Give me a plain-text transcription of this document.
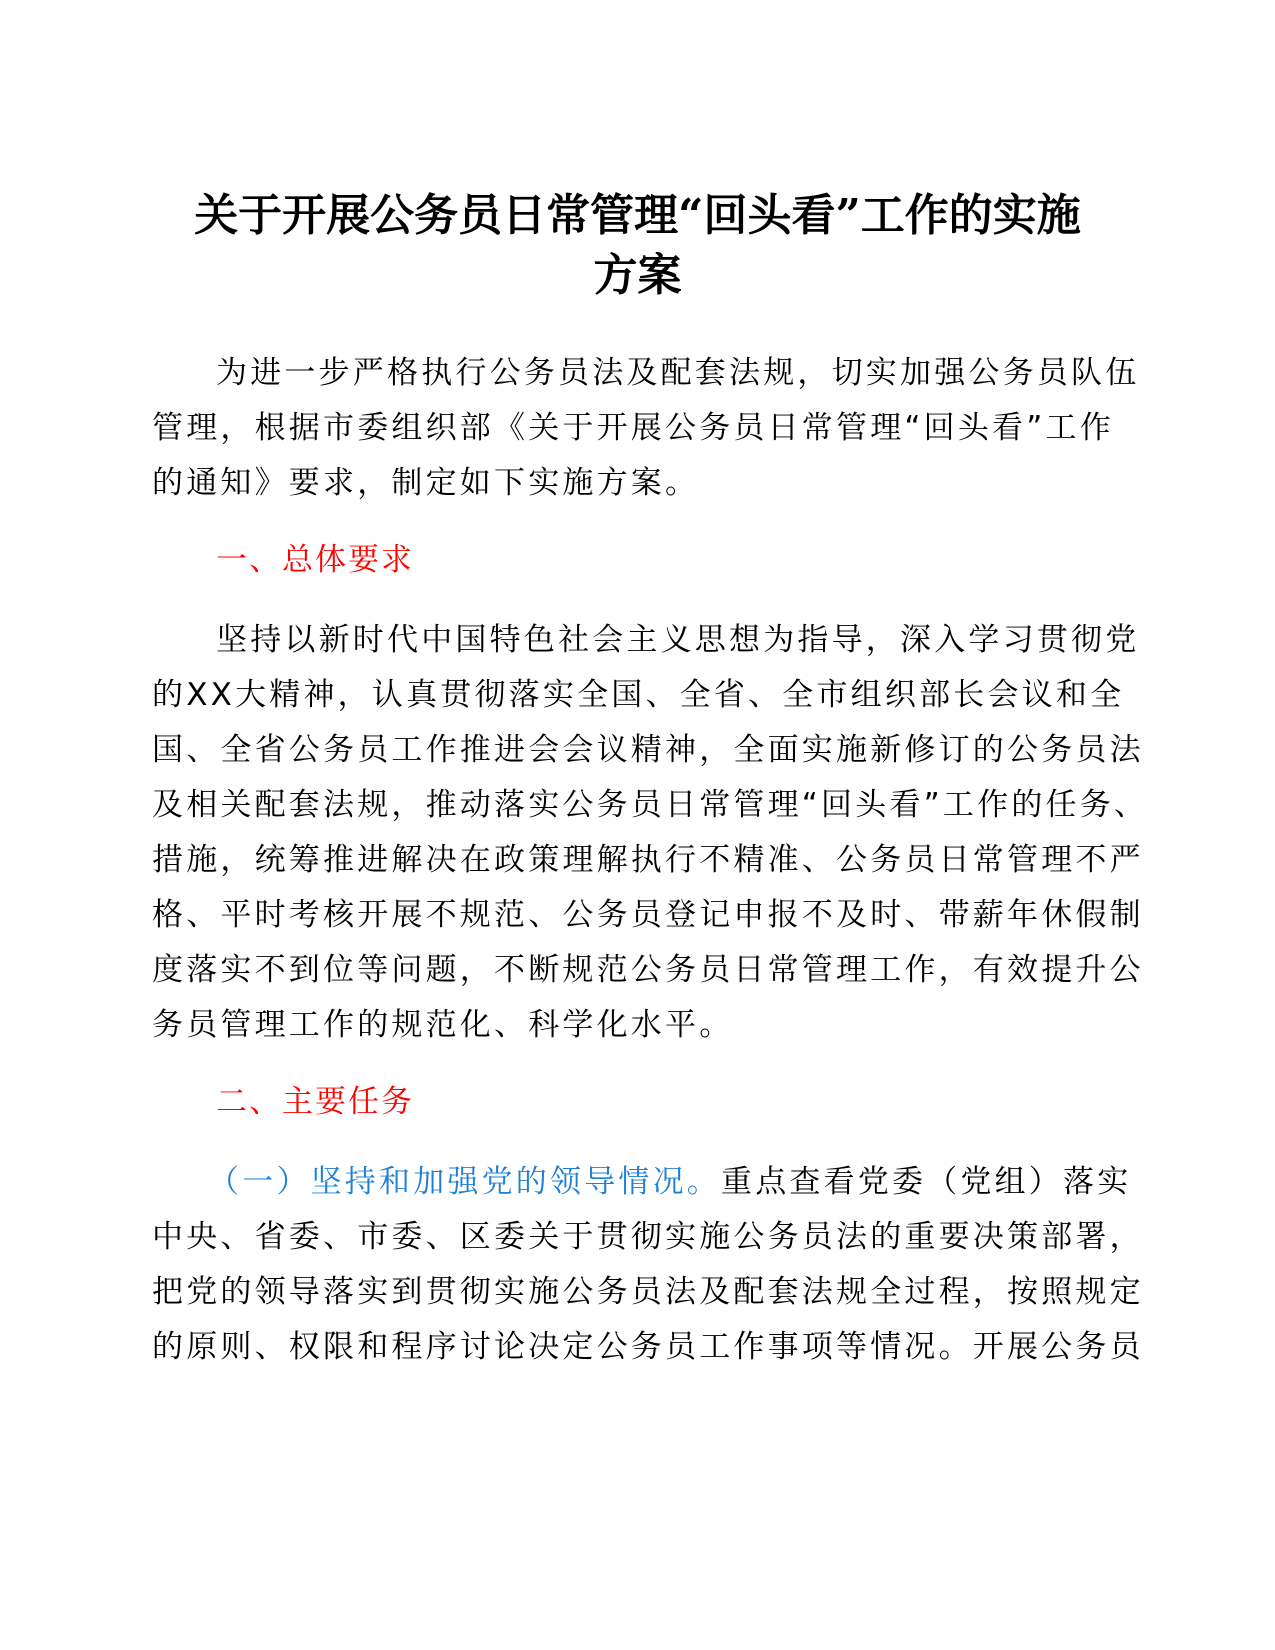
关于开展公务员日常管理“回头看”工作的实施
方案

为进一步严格执行公务员法及配套法规，切实加强公务员队伍

管理，根据市委组织部《关于开展公务员日常管理“回头看”工作

的通知》要求，制定如下实施方案。

一、总体要求

坚持以新时代中国特色社会主义思想为指导，深入学习贯彻党

的XX大精神，认真贯彻落实全国、全省、全市组织部长会议和全

国、全省公务员工作推进会会议精神，全面实施新修订的公务员法

及相关配套法规，推动落实公务员日常管理“回头看”工作的任务、

措施，统筹推进解决在政策理解执行不精准、公务员日常管理不严

格、平时考核开展不规范、公务员登记申报不及时、带薪年休假制

度落实不到位等问题，不断规范公务员日常管理工作，有效提升公

务员管理工作的规范化、科学化水平。

二、主要任务

（一）坚持和加强党的领导情况。重点查看党委（党组）落实

中央、省委、市委、区委关于贯彻实施公务员法的重要决策部署，

把党的领导落实到贯彻实施公务员法及配套法规全过程，按照规定

的原则、权限和程序讨论决定公务员工作事项等情况。开展公务员
